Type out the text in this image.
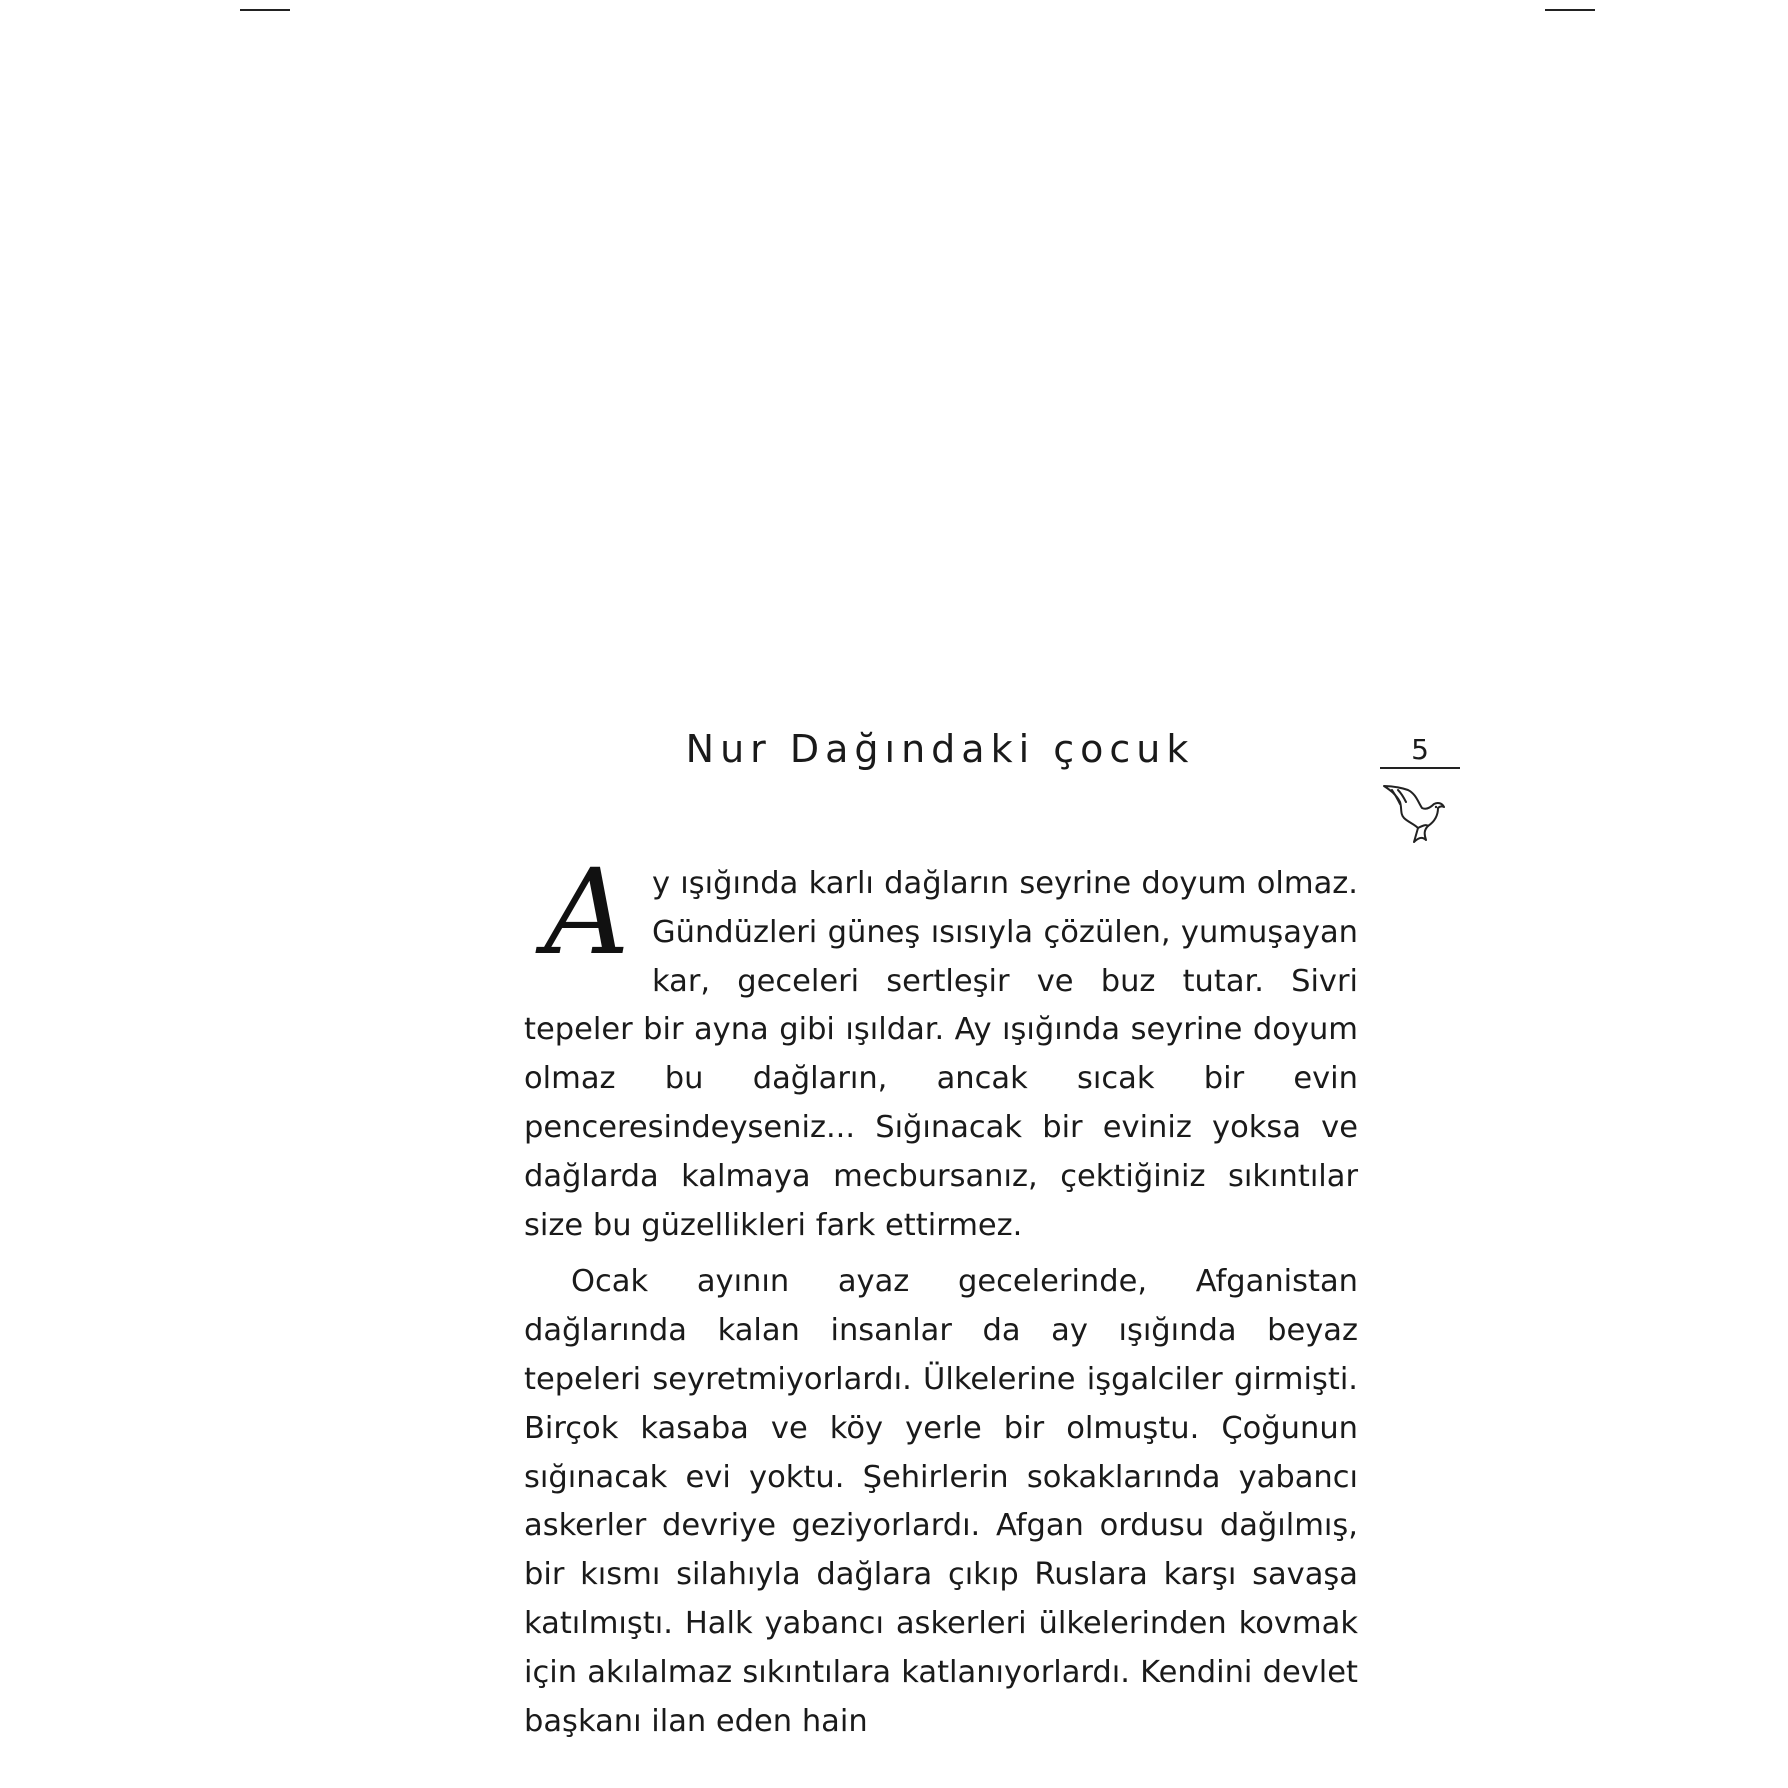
Nur Dağındaki çocuk	5

Ay ışığında karlı dağların seyrine doyum olmaz. Gündüzleri güneş ısısıyla çözülen, yumuşayan kar, geceleri sertleşir ve buz tutar. Sivri tepeler bir ayna gibi ışıldar. Ay ışığında seyrine doyum olmaz bu dağların, ancak sıcak bir evin penceresindeyseniz... Sığınacak bir eviniz yoksa ve dağlarda kalmaya mecbursanız, çektiğiniz sıkıntılar size bu güzellikleri fark ettirmez.

Ocak ayının ayaz gecelerinde, Afganistan dağlarında kalan insanlar da ay ışığında beyaz tepeleri seyretmiyorlardı. Ülkelerine işgalciler girmişti. Birçok kasaba ve köy yerle bir olmuştu. Çoğunun sığınacak evi yoktu. Şehirlerin sokaklarında yabancı askerler devriye geziyorlardı. Afgan ordusu dağılmış, bir kısmı silahıyla dağlara çıkıp Ruslara karşı savaşa katılmıştı. Halk yabancı askerleri ülkelerinden kovmak için akılalmaz sıkıntılara katlanıyorlardı. Kendini devlet başkanı ilan eden hain
